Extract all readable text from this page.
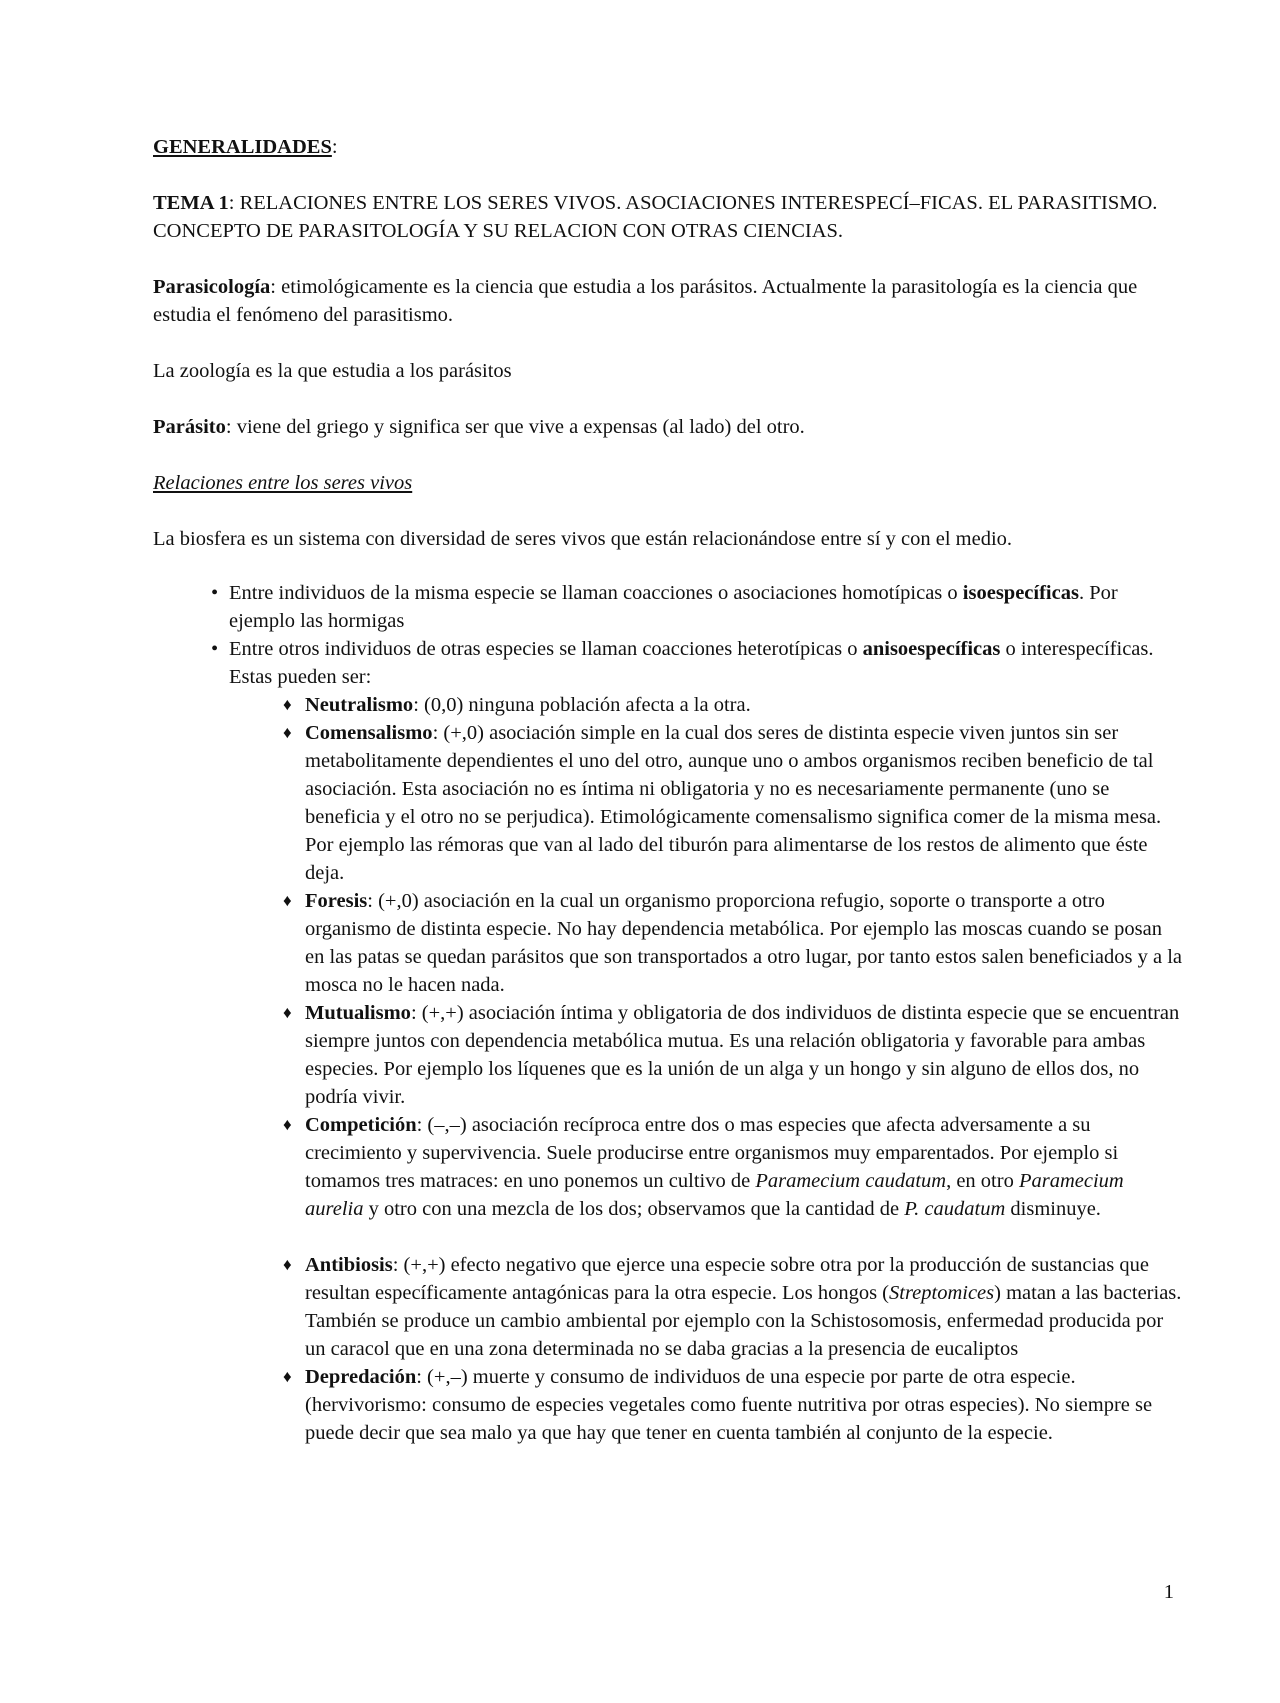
GENERALIDADES:

TEMA 1: RELACIONES ENTRE LOS SERES VIVOS. ASOCIACIONES INTERESPECÍ–FICAS. EL PARASITISMO. CONCEPTO DE PARASITOLOGÍA Y SU RELACION CON OTRAS CIENCIAS.

Parasicología: etimológicamente es la ciencia que estudia a los parásitos. Actualmente la parasitología es la ciencia que estudia el fenómeno del parasitismo.

La zoología es la que estudia a los parásitos

Parásito: viene del griego y significa ser que vive a expensas (al lado) del otro.

Relaciones entre los seres vivos

La biosfera es un sistema con diversidad de seres vivos que están relacionándose entre sí y con el medio.

• Entre individuos de la misma especie se llaman coacciones o asociaciones homotípicas o isoespecíficas. Por ejemplo las hormigas
• Entre otros individuos de otras especies se llaman coacciones heterotípicas o anisoespecíficas o interespecíficas. Estas pueden ser:
♦ Neutralismo: (0,0) ninguna población afecta a la otra.
♦ Comensalismo: (+,0) asociación simple en la cual dos seres de distinta especie viven juntos sin ser metabolitamente dependientes el uno del otro, aunque uno o ambos organismos reciben beneficio de tal asociación. Esta asociación no es íntima ni obligatoria y no es necesariamente permanente (uno se beneficia y el otro no se perjudica). Etimológicamente comensalismo significa comer de la misma mesa. Por ejemplo las rémoras que van al lado del tiburón para alimentarse de los restos de alimento que éste deja.
♦ Foresis: (+,0) asociación en la cual un organismo proporciona refugio, soporte o transporte a otro organismo de distinta especie. No hay dependencia metabólica. Por ejemplo las moscas cuando se posan en las patas se quedan parásitos que son transportados a otro lugar, por tanto estos salen beneficiados y a la mosca no le hacen nada.
♦ Mutualismo: (+,+) asociación íntima y obligatoria de dos individuos de distinta especie que se encuentran siempre juntos con dependencia metabólica mutua. Es una relación obligatoria y favorable para ambas especies. Por ejemplo los líquenes que es la unión de un alga y un hongo y sin alguno de ellos dos, no podría vivir.
♦ Competición: (–,–) asociación recíproca entre dos o mas especies que afecta adversamente a su crecimiento y supervivencia. Suele producirse entre organismos muy emparentados. Por ejemplo si tomamos tres matraces: en uno ponemos un cultivo de Paramecium caudatum, en otro Paramecium aurelia y otro con una mezcla de los dos; observamos que la cantidad de P. caudatum disminuye.
♦ Antibiosis: (+,+) efecto negativo que ejerce una especie sobre otra por la producción de sustancias que resultan específicamente antagónicas para la otra especie. Los hongos (Streptomices) matan a las bacterias. También se produce un cambio ambiental por ejemplo con la Schistosomosis, enfermedad producida por un caracol que en una zona determinada no se daba gracias a la presencia de eucaliptos
♦ Depredación: (+,–) muerte y consumo de individuos de una especie por parte de otra especie. (hervivorismo: consumo de especies vegetales como fuente nutritiva por otras especies). No siempre se puede decir que sea malo ya que hay que tener en cuenta también al conjunto de la especie.
1
